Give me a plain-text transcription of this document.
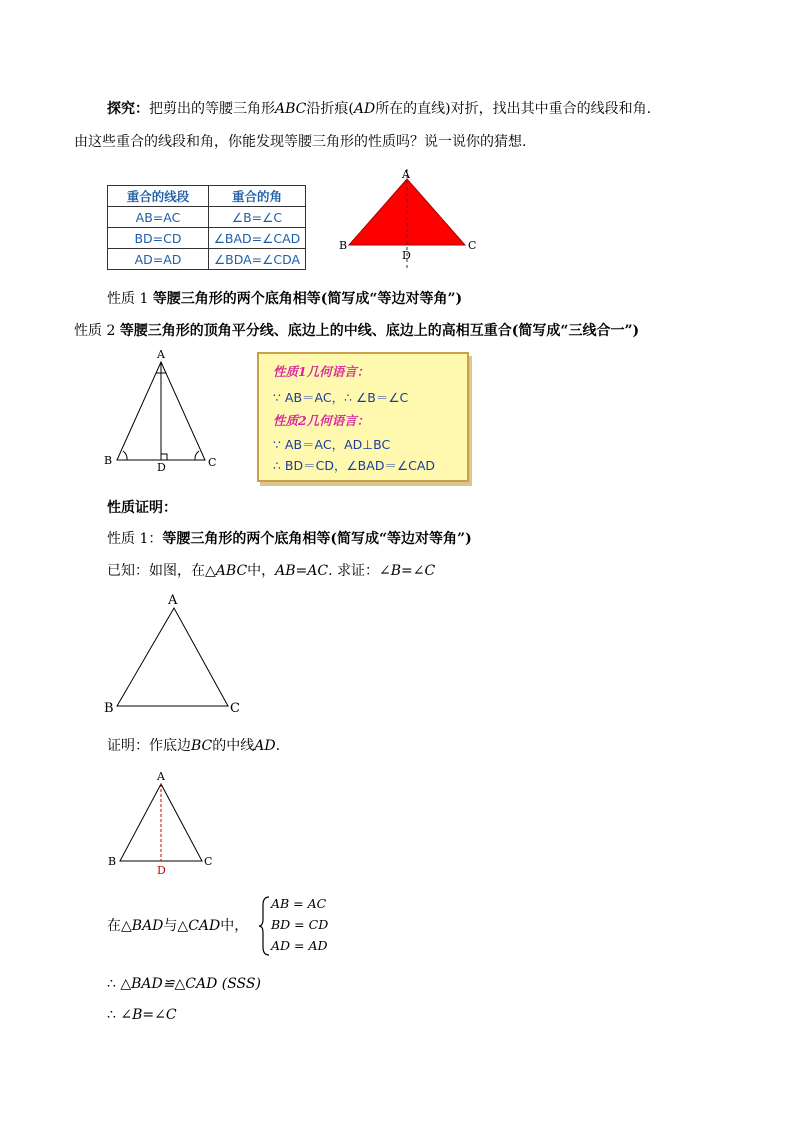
探究：把剪出的等腰三角形ABC沿折痕(AD所在的直线)对折，找出其中重合的线段和角.
由这些重合的线段和角，你能发现等腰三角形的性质吗？说一说你的猜想.
重合的线段	重合的角
AB=AC	∠B=∠C
BD=CD	∠BAD=∠CAD
AD=AD	∠BDA=∠CDA
A
B	C
D
性质 1 等腰三角形的两个底角相等(简写成“等边对等角”)
性质 2 等腰三角形的顶角平分线、底边上的中线、底边上的高相互重合(简写成“三线合一”)
A
B	C
D
性质1几何语言：
∵ AB＝AC，∴ ∠B＝∠C
性质2几何语言：
∵ AB＝AC，AD⊥BC
∴ BD＝CD，∠BAD＝∠CAD
性质证明：
性质 1：等腰三角形的两个底角相等(简写成“等边对等角”)
已知：如图，在△ABC中，AB=AC. 求证：∠B=∠C
A
B	C
证明：作底边BC的中线AD.
A
B	C
D
在△BAD与△CAD中，
AB = AC
BD = CD
AD = AD
∴ △BAD≌△CAD (SSS)
∴ ∠B=∠C
